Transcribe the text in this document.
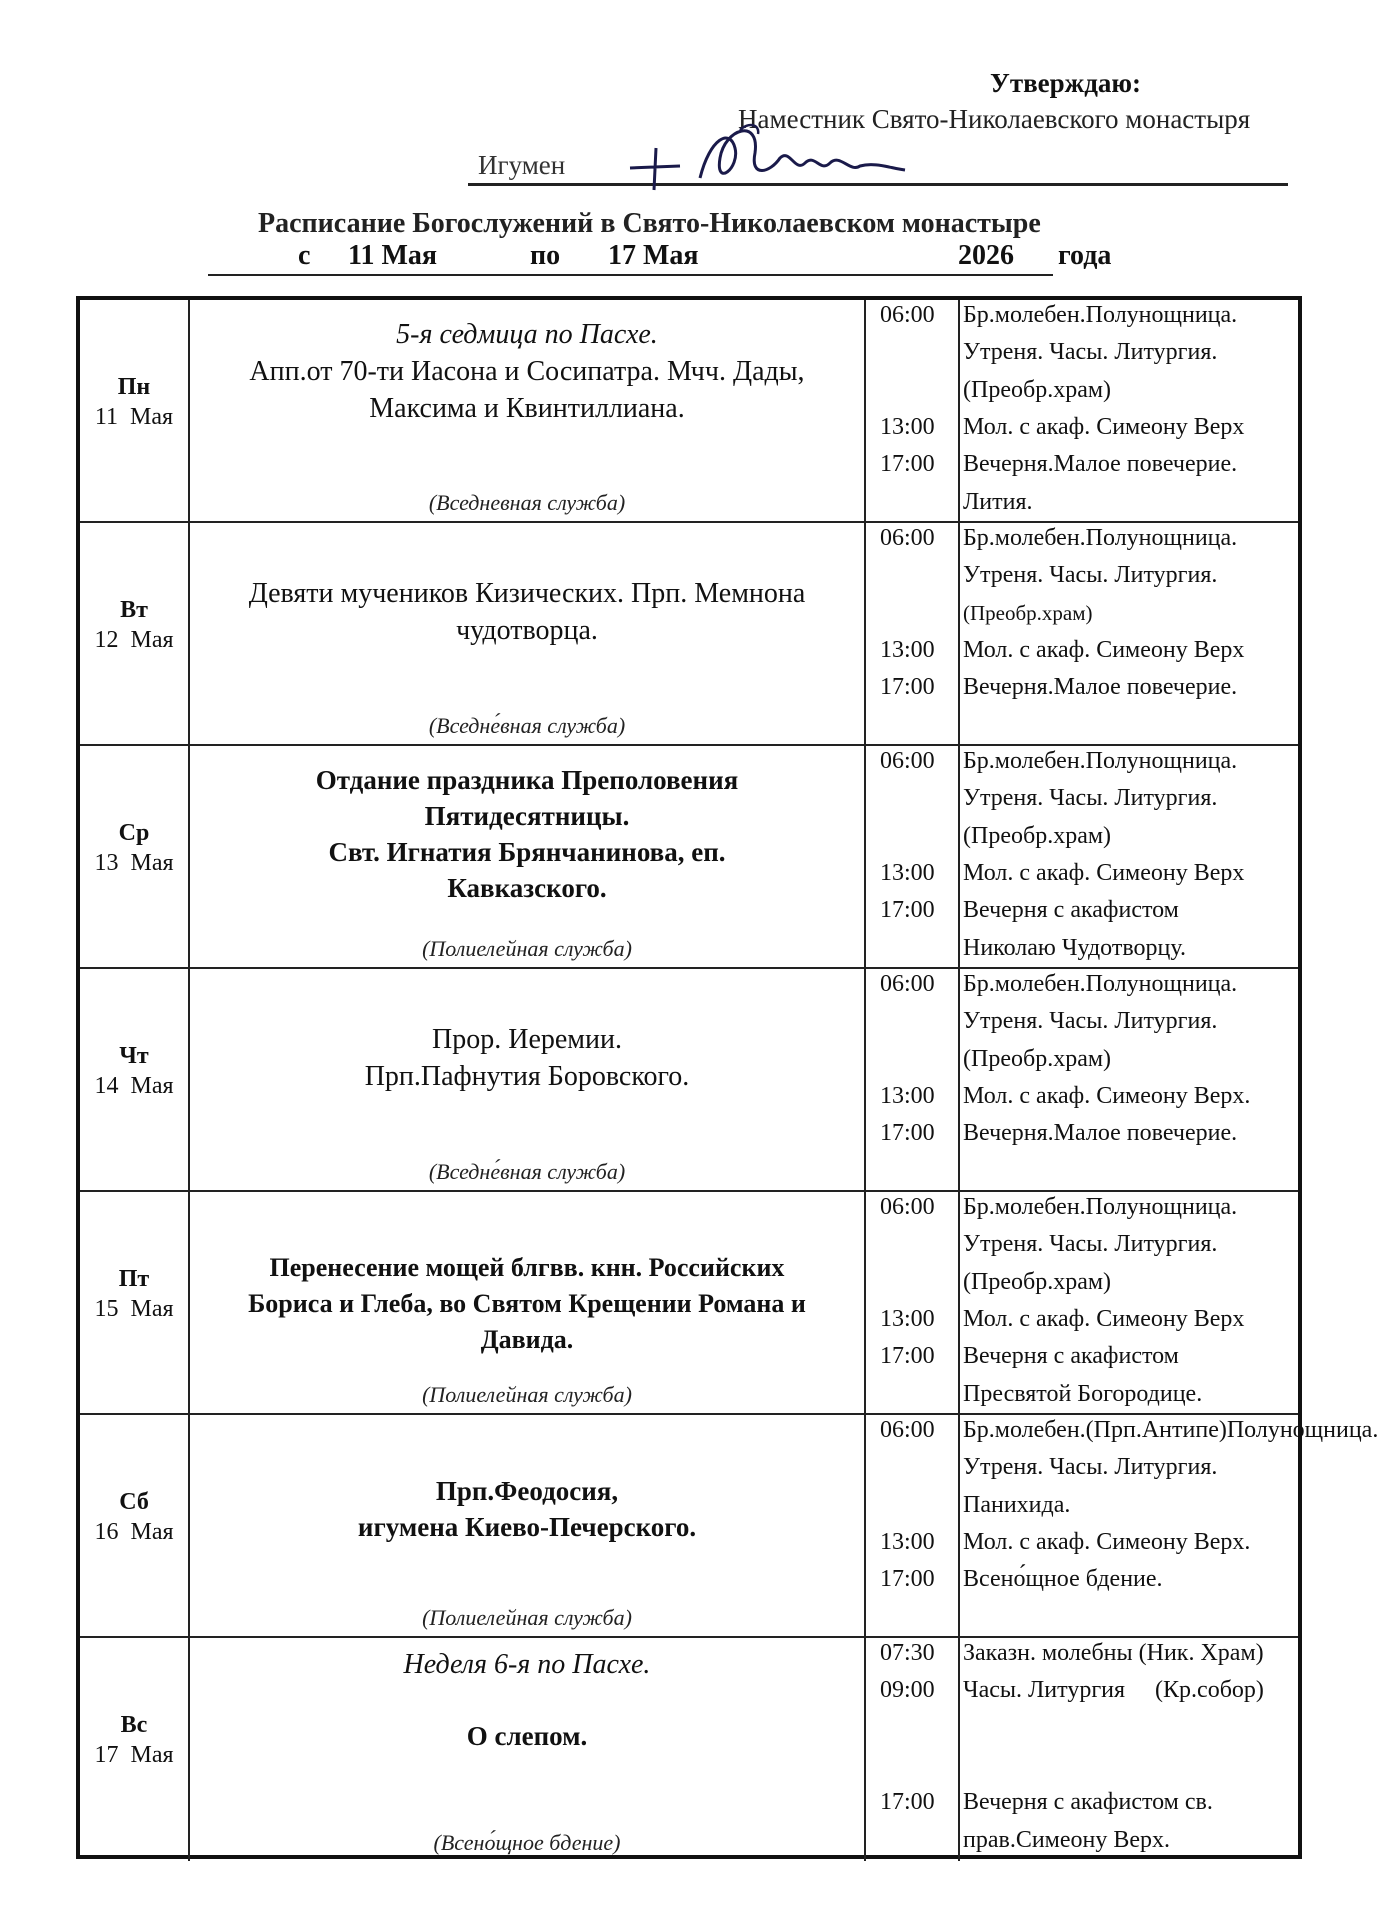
Утверждаю:
Наместник Свято-Николаевского монастыря
Игумен
Расписание Богослужений в Свято-Николаевском монастыре
с 11 Мая	по 17 Мая	2026 года
Пн
11 Мая
5-я седмица по Пасхе.
Апп.от 70-ти Иасона и Сосипатра. Мчч. Дады,
Максима и Квинтиллиана.
(Вседневная служба)
06:00
13:00
17:00
Бр.молебен.Полунощница.
Утреня. Часы. Литургия.
(Преобр.храм)
Мол. с акаф. Симеону Верх
Вечерня.Малое повечерие.
Лития.
Вт
12 Мая
Девяти мучеников Кизических. Прп. Мемнона
чудотворца.
(Вседне́вная служба)
06:00
13:00
17:00
Бр.молебен.Полунощница.
Утреня. Часы. Литургия.
(Преобр.храм)
Мол. с акаф. Симеону Верх
Вечерня.Малое повечерие.
Ср
13 Мая
Отдание праздника Преполовения
Пятидесятницы.
Свт. Игнатия Брянчанинова, еп.
Кавказского.
(Полиелейная служба)
06:00
13:00
17:00
Бр.молебен.Полунощница.
Утреня. Часы. Литургия.
(Преобр.храм)
Мол. с акаф. Симеону Верх
Вечерня с акафистом
Николаю Чудотворцу.
Чт
14 Мая
Прор. Иеремии.
Прп.Пафнутия Боровского.
(Вседне́вная служба)
06:00
13:00
17:00
Бр.молебен.Полунощница.
Утреня. Часы. Литургия.
(Преобр.храм)
Мол. с акаф. Симеону Верх.
Вечерня.Малое повечерие.
Пт
15 Мая
Перенесение мощей блгвв. кнн. Российских
Бориса и Глеба, во Святом Крещении Романа и
Давида.
(Полиелейная служба)
06:00
13:00
17:00
Бр.молебен.Полунощница.
Утреня. Часы. Литургия.
(Преобр.храм)
Мол. с акаф. Симеону Верх
Вечерня с акафистом
Пресвятой Богородице.
Сб
16 Мая
Прп.Феодосия,
игумена Киево-Печерского.
(Полиелейная служба)
06:00
13:00
17:00
Бр.молебен.(Прп.Антипе)Полунощница.
Утреня. Часы. Литургия.
Панихида.
Мол. с акаф. Симеону Верх.
Всено́щное бдение.
Вс
17 Мая
Неделя 6-я по Пасхе.
О слепом.
(Всено́щное бдение)
07:30
09:00
17:00
Заказн. молебны (Ник. Храм)
Часы. Литургия     (Кр.собор)
Вечерня с акафистом св.
прав.Симеону Верх.
